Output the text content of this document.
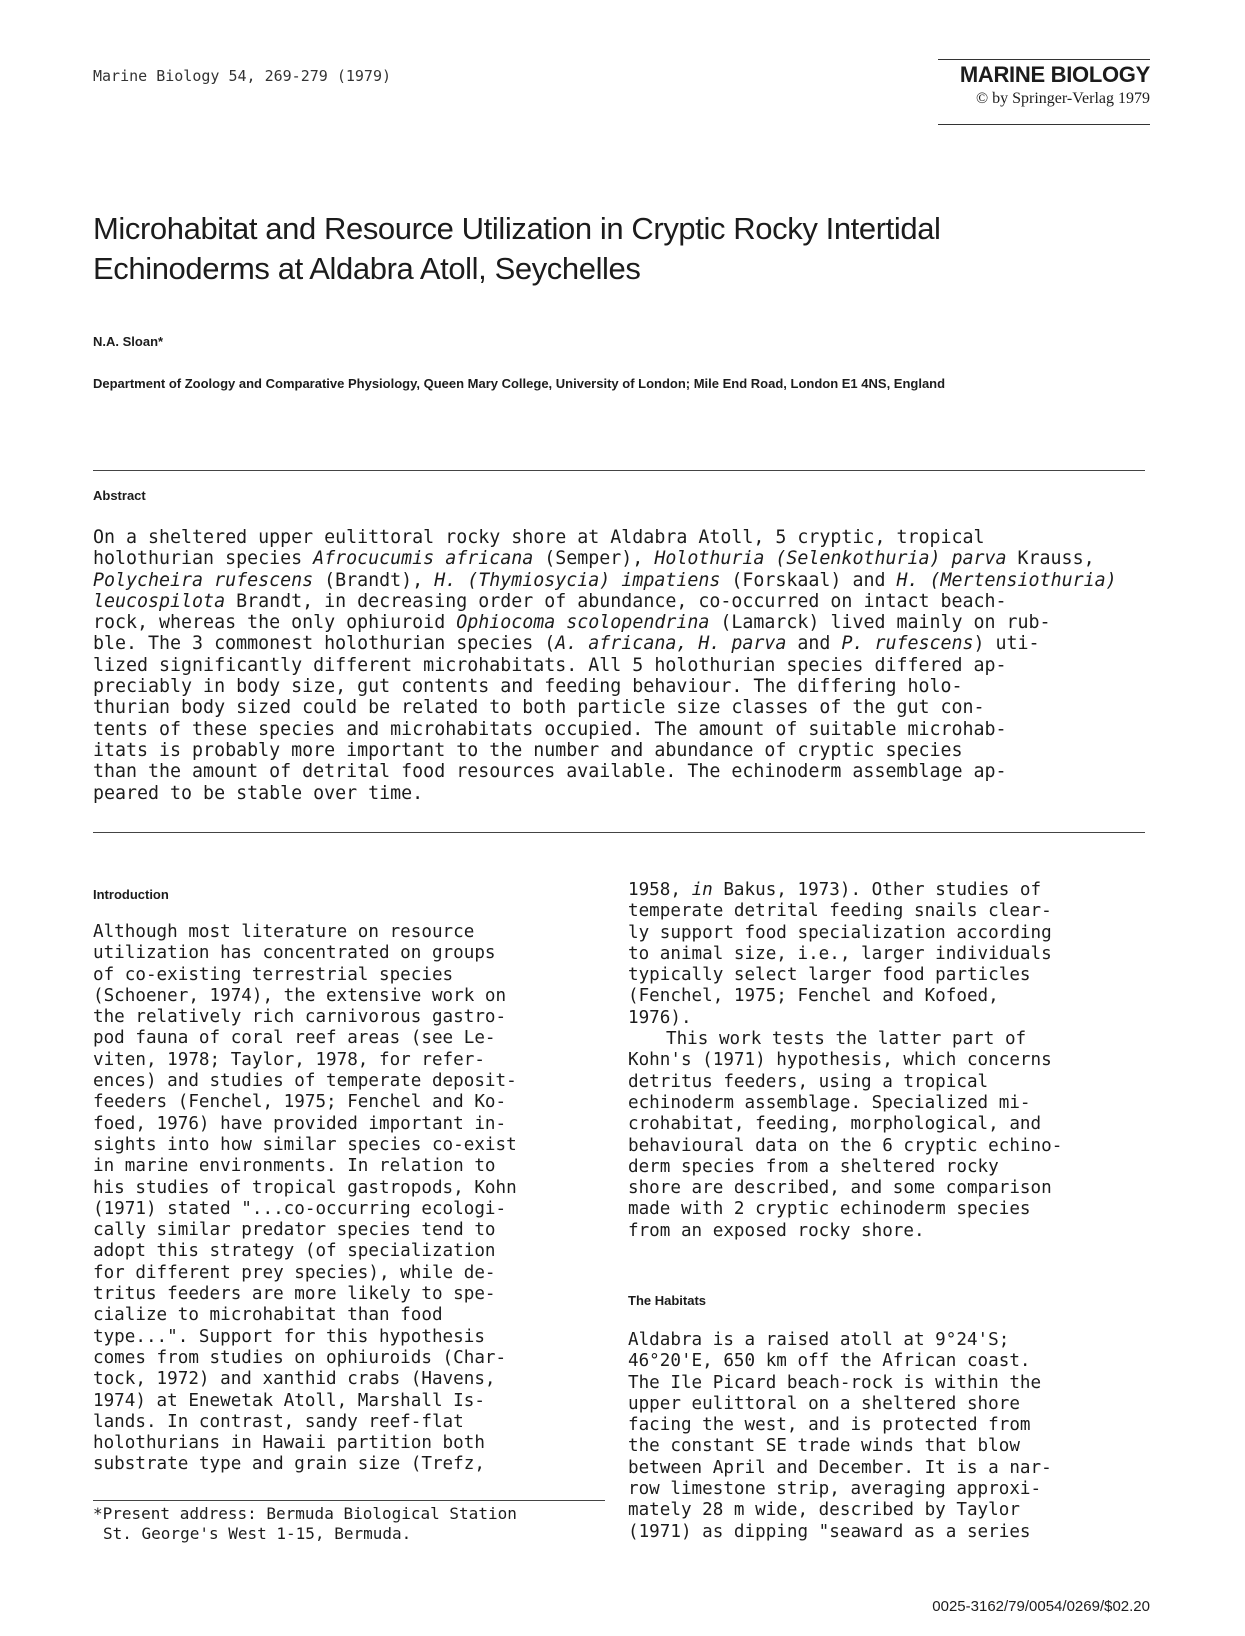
Marine Biology 54, 269-279 (1979)	MARINE BIOLOGY
© by Springer-Verlag 1979
Microhabitat and Resource Utilization in Cryptic Rocky Intertidal
Echinoderms at Aldabra Atoll, Seychelles
N.A. Sloan*
Department of Zoology and Comparative Physiology, Queen Mary College, University of London; Mile End Road, London E1 4NS, England
Abstract
On a sheltered upper eulittoral rocky shore at Aldabra Atoll, 5 cryptic, tropical
holothurian species Afrocucumis africana (Semper), Holothuria (Selenkothuria) parva Krauss,
Polycheira rufescens (Brandt), H. (Thymiosycia) impatiens (Forskaal) and H. (Mertensiothuria)
leucospilota Brandt, in decreasing order of abundance, co-occurred on intact beach-
rock, whereas the only ophiuroid Ophiocoma scolopendrina (Lamarck) lived mainly on rub-
ble. The 3 commonest holothurian species (A. africana, H. parva and P. rufescens) uti-
lized significantly different microhabitats. All 5 holothurian species differed ap-
preciably in body size, gut contents and feeding behaviour. The differing holo-
thurian body sized could be related to both particle size classes of the gut con-
tents of these species and microhabitats occupied. The amount of suitable microhab-
itats is probably more important to the number and abundance of cryptic species
than the amount of detrital food resources available. The echinoderm assemblage ap-
peared to be stable over time.
Introduction
Although most literature on resource
utilization has concentrated on groups
of co-existing terrestrial species
(Schoener, 1974), the extensive work on
the relatively rich carnivorous gastro-
pod fauna of coral reef areas (see Le-
viten, 1978; Taylor, 1978, for refer-
ences) and studies of temperate deposit-
feeders (Fenchel, 1975; Fenchel and Ko-
foed, 1976) have provided important in-
sights into how similar species co-exist
in marine environments. In relation to
his studies of tropical gastropods, Kohn
(1971) stated "...co-occurring ecologi-
cally similar predator species tend to
adopt this strategy (of specialization
for different prey species), while de-
tritus feeders are more likely to spe-
cialize to microhabitat than food
type...". Support for this hypothesis
comes from studies on ophiuroids (Char-
tock, 1972) and xanthid crabs (Havens,
1974) at Enewetak Atoll, Marshall Is-
lands. In contrast, sandy reef-flat
holothurians in Hawaii partition both
substrate type and grain size (Trefz,
1958, in Bakus, 1973). Other studies of
temperate detrital feeding snails clear-
ly support food specialization according
to animal size, i.e., larger individuals
typically select larger food particles
(Fenchel, 1975; Fenchel and Kofoed,
1976).
This work tests the latter part of
Kohn's (1971) hypothesis, which concerns
detritus feeders, using a tropical
echinoderm assemblage. Specialized mi-
crohabitat, feeding, morphological, and
behavioural data on the 6 cryptic echino-
derm species from a sheltered rocky
shore are described, and some comparison
made with 2 cryptic echinoderm species
from an exposed rocky shore.
The Habitats
Aldabra is a raised atoll at 9°24'S;
46°20'E, 650 km off the African coast.
The Ile Picard beach-rock is within the
upper eulittoral on a sheltered shore
facing the west, and is protected from
the constant SE trade winds that blow
between April and December. It is a nar-
row limestone strip, averaging approxi-
mately 28 m wide, described by Taylor
(1971) as dipping "seaward as a series
*Present address: Bermuda Biological Station
St. George's West 1-15, Bermuda.
0025-3162/79/0054/0269/$02.20
